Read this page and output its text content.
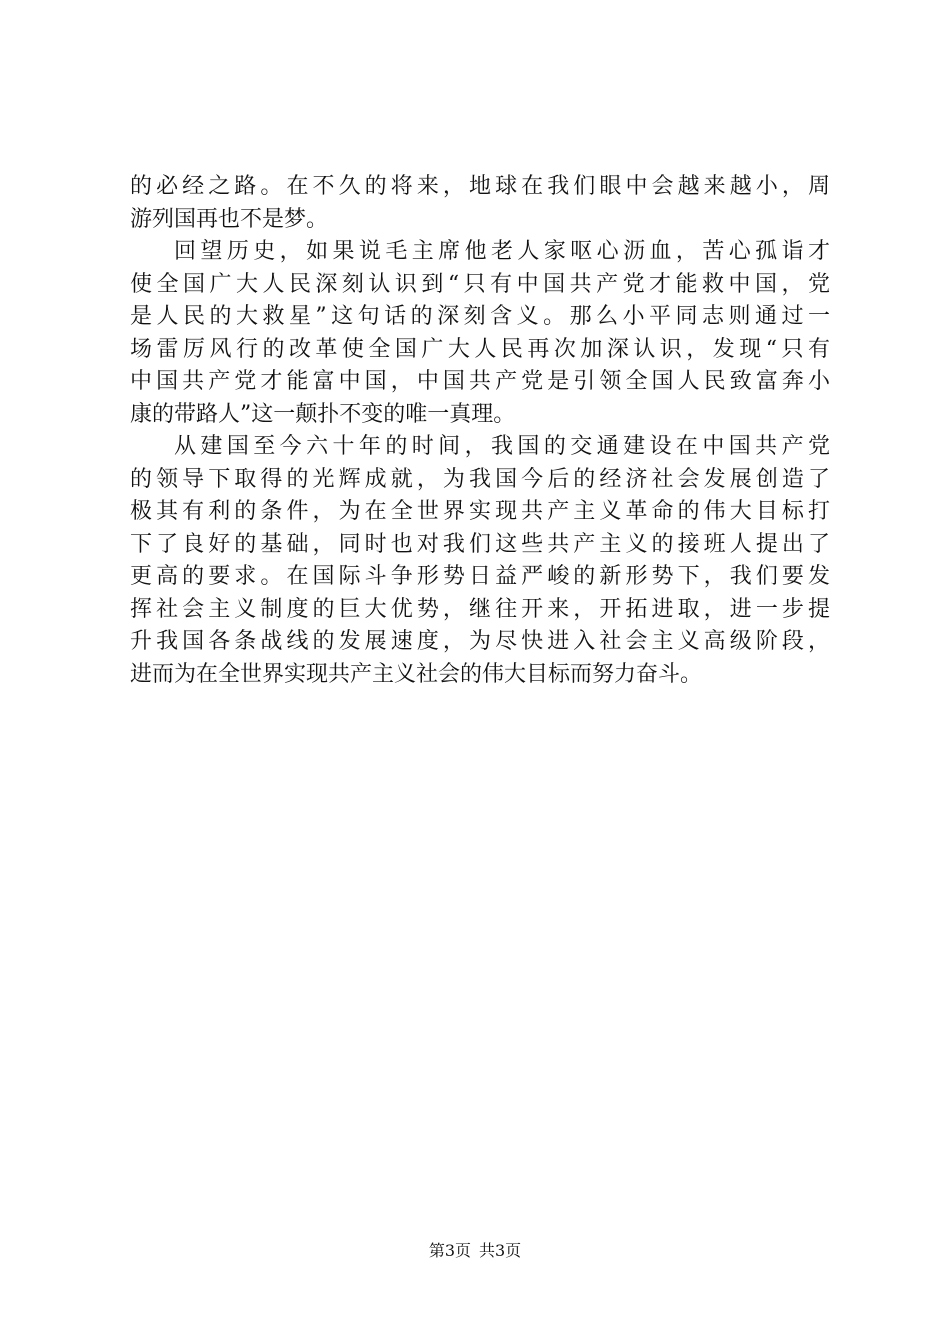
的必经之路。在不久的将来，地球在我们眼中会越来越小，周
游列国再也不是梦。
回望历史，如果说毛主席他老人家呕心沥血，苦心孤诣才
使全国广大人民深刻认识到“只有中国共产党才能救中国，党
是人民的大救星”这句话的深刻含义。那么小平同志则通过一
场雷厉风行的改革使全国广大人民再次加深认识，发现“只有
中国共产党才能富中国，中国共产党是引领全国人民致富奔小
康的带路人”这一颠扑不变的唯一真理。
从建国至今六十年的时间，我国的交通建设在中国共产党
的领导下取得的光辉成就，为我国今后的经济社会发展创造了
极其有利的条件，为在全世界实现共产主义革命的伟大目标打
下了良好的基础，同时也对我们这些共产主义的接班人提出了
更高的要求。在国际斗争形势日益严峻的新形势下，我们要发
挥社会主义制度的巨大优势，继往开来，开拓进取，进一步提
升我国各条战线的发展速度，为尽快进入社会主义高级阶段，
进而为在全世界实现共产主义社会的伟大目标而努力奋斗。
第3页 共3页
